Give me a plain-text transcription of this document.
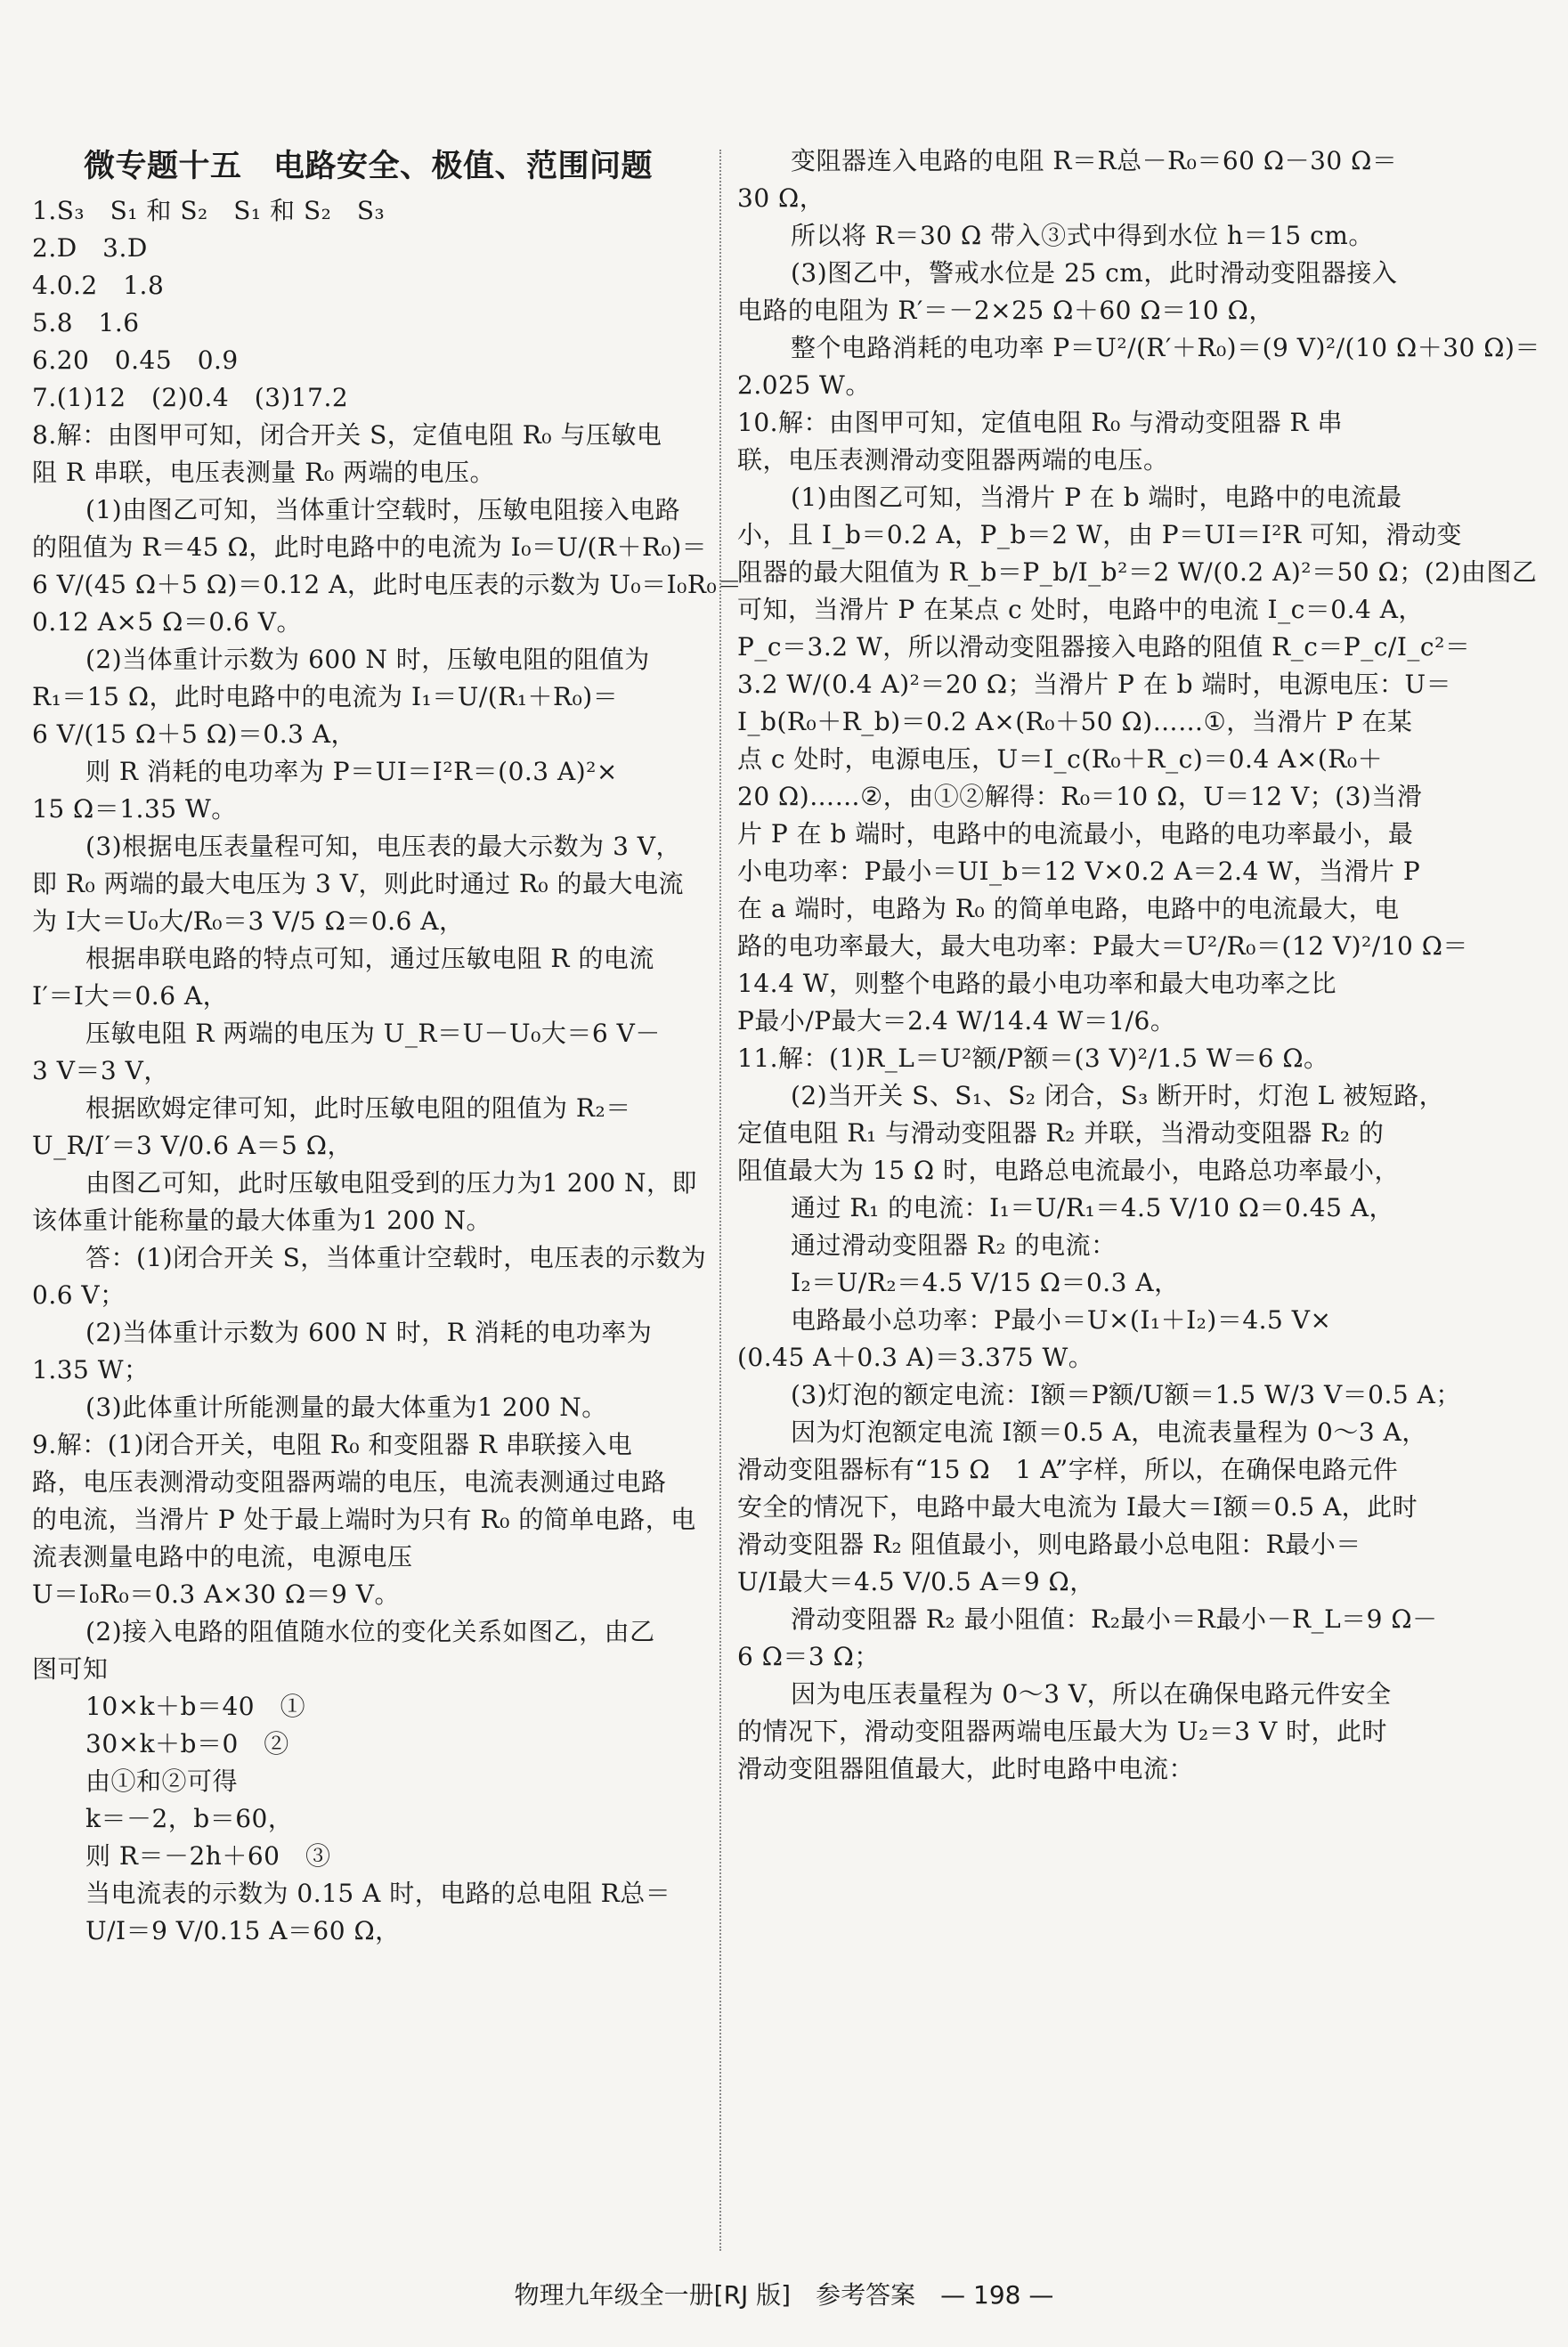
微专题十五　电路安全、极值、范围问题
1.S₃　S₁ 和 S₂　S₁ 和 S₂　S₃
2.D　3.D
4.0.2　1.8
5.8　1.6
6.20　0.45　0.9
7.(1)12　(2)0.4　(3)17.2
8.解：由图甲可知，闭合开关 S，定值电阻 R₀ 与压敏电
阻 R 串联，电压表测量 R₀ 两端的电压。
(1)由图乙可知，当体重计空载时，压敏电阻接入电路
的阻值为 R＝45 Ω，此时电路中的电流为 I₀＝U/(R＋R₀)＝
6 V/(45 Ω＋5 Ω)＝0.12 A，此时电压表的示数为 U₀＝I₀R₀＝
0.12 A×5 Ω＝0.6 V。
(2)当体重计示数为 600 N 时，压敏电阻的阻值为
R₁＝15 Ω，此时电路中的电流为 I₁＝U/(R₁＋R₀)＝
6 V/(15 Ω＋5 Ω)＝0.3 A，
则 R 消耗的电功率为 P＝UI＝I²R＝(0.3 A)²×
15 Ω＝1.35 W。
(3)根据电压表量程可知，电压表的最大示数为 3 V，
即 R₀ 两端的最大电压为 3 V，则此时通过 R₀ 的最大电流
为 I大＝U₀大/R₀＝3 V/5 Ω＝0.6 A，
根据串联电路的特点可知，通过压敏电阻 R 的电流
I′＝I大＝0.6 A，
压敏电阻 R 两端的电压为 U_R＝U－U₀大＝6 V－
3 V＝3 V，
根据欧姆定律可知，此时压敏电阻的阻值为 R₂＝
U_R/I′＝3 V/0.6 A＝5 Ω，
由图乙可知，此时压敏电阻受到的压力为1 200 N，即
该体重计能称量的最大体重为1 200 N。
答：(1)闭合开关 S，当体重计空载时，电压表的示数为
0.6 V；
(2)当体重计示数为 600 N 时，R 消耗的电功率为
1.35 W；
(3)此体重计所能测量的最大体重为1 200 N。
9.解：(1)闭合开关，电阻 R₀ 和变阻器 R 串联接入电
路，电压表测滑动变阻器两端的电压，电流表测通过电路
的电流，当滑片 P 处于最上端时为只有 R₀ 的简单电路，电
流表测量电路中的电流，电源电压
U＝I₀R₀＝0.3 A×30 Ω＝9 V。
(2)接入电路的阻值随水位的变化关系如图乙，由乙
图可知
10×k＋b＝40　①
30×k＋b＝0　②
由①和②可得
k＝－2，b＝60，
则 R＝－2h＋60　③
当电流表的示数为 0.15 A 时，电路的总电阻 R总＝
U/I＝9 V/0.15 A＝60 Ω，
变阻器连入电路的电阻 R＝R总－R₀＝60 Ω－30 Ω＝
30 Ω，
所以将 R＝30 Ω 带入③式中得到水位 h＝15 cm。
(3)图乙中，警戒水位是 25 cm，此时滑动变阻器接入
电路的电阻为 R′＝－2×25 Ω＋60 Ω＝10 Ω，
整个电路消耗的电功率 P＝U²/(R′＋R₀)＝(9 V)²/(10 Ω＋30 Ω)＝
2.025 W。
10.解：由图甲可知，定值电阻 R₀ 与滑动变阻器 R 串
联，电压表测滑动变阻器两端的电压。
(1)由图乙可知，当滑片 P 在 b 端时，电路中的电流最
小，且 I_b＝0.2 A，P_b＝2 W，由 P＝UI＝I²R 可知，滑动变
阻器的最大阻值为 R_b＝P_b/I_b²＝2 W/(0.2 A)²＝50 Ω；(2)由图乙
可知，当滑片 P 在某点 c 处时，电路中的电流 I_c＝0.4 A，
P_c＝3.2 W，所以滑动变阻器接入电路的阻值 R_c＝P_c/I_c²＝
3.2 W/(0.4 A)²＝20 Ω；当滑片 P 在 b 端时，电源电压：U＝
I_b(R₀＋R_b)＝0.2 A×(R₀＋50 Ω)……①，当滑片 P 在某
点 c 处时，电源电压，U＝I_c(R₀＋R_c)＝0.4 A×(R₀＋
20 Ω)……②，由①②解得：R₀＝10 Ω，U＝12 V；(3)当滑
片 P 在 b 端时，电路中的电流最小，电路的电功率最小，最
小电功率：P最小＝UI_b＝12 V×0.2 A＝2.4 W，当滑片 P
在 a 端时，电路为 R₀ 的简单电路，电路中的电流最大，电
路的电功率最大，最大电功率：P最大＝U²/R₀＝(12 V)²/10 Ω＝
14.4 W，则整个电路的最小电功率和最大电功率之比
P最小/P最大＝2.4 W/14.4 W＝1/6。
11.解：(1)R_L＝U²额/P额＝(3 V)²/1.5 W＝6 Ω。
(2)当开关 S、S₁、S₂ 闭合，S₃ 断开时，灯泡 L 被短路，
定值电阻 R₁ 与滑动变阻器 R₂ 并联，当滑动变阻器 R₂ 的
阻值最大为 15 Ω 时，电路总电流最小，电路总功率最小，
通过 R₁ 的电流：I₁＝U/R₁＝4.5 V/10 Ω＝0.45 A，
通过滑动变阻器 R₂ 的电流：
I₂＝U/R₂＝4.5 V/15 Ω＝0.3 A，
电路最小总功率：P最小＝U×(I₁＋I₂)＝4.5 V×
(0.45 A＋0.3 A)＝3.375 W。
(3)灯泡的额定电流：I额＝P额/U额＝1.5 W/3 V＝0.5 A；
因为灯泡额定电流 I额＝0.5 A，电流表量程为 0～3 A，
滑动变阻器标有“15 Ω　1 A”字样，所以，在确保电路元件
安全的情况下，电路中最大电流为 I最大＝I额＝0.5 A，此时
滑动变阻器 R₂ 阻值最小，则电路最小总电阻：R最小＝
U/I最大＝4.5 V/0.5 A＝9 Ω，
滑动变阻器 R₂ 最小阻值：R₂最小＝R最小－R_L＝9 Ω－
6 Ω＝3 Ω；
因为电压表量程为 0～3 V，所以在确保电路元件安全
的情况下，滑动变阻器两端电压最大为 U₂＝3 V 时，此时
滑动变阻器阻值最大，此时电路中电流：
物理九年级全一册[RJ 版]　参考答案　— 198 —
